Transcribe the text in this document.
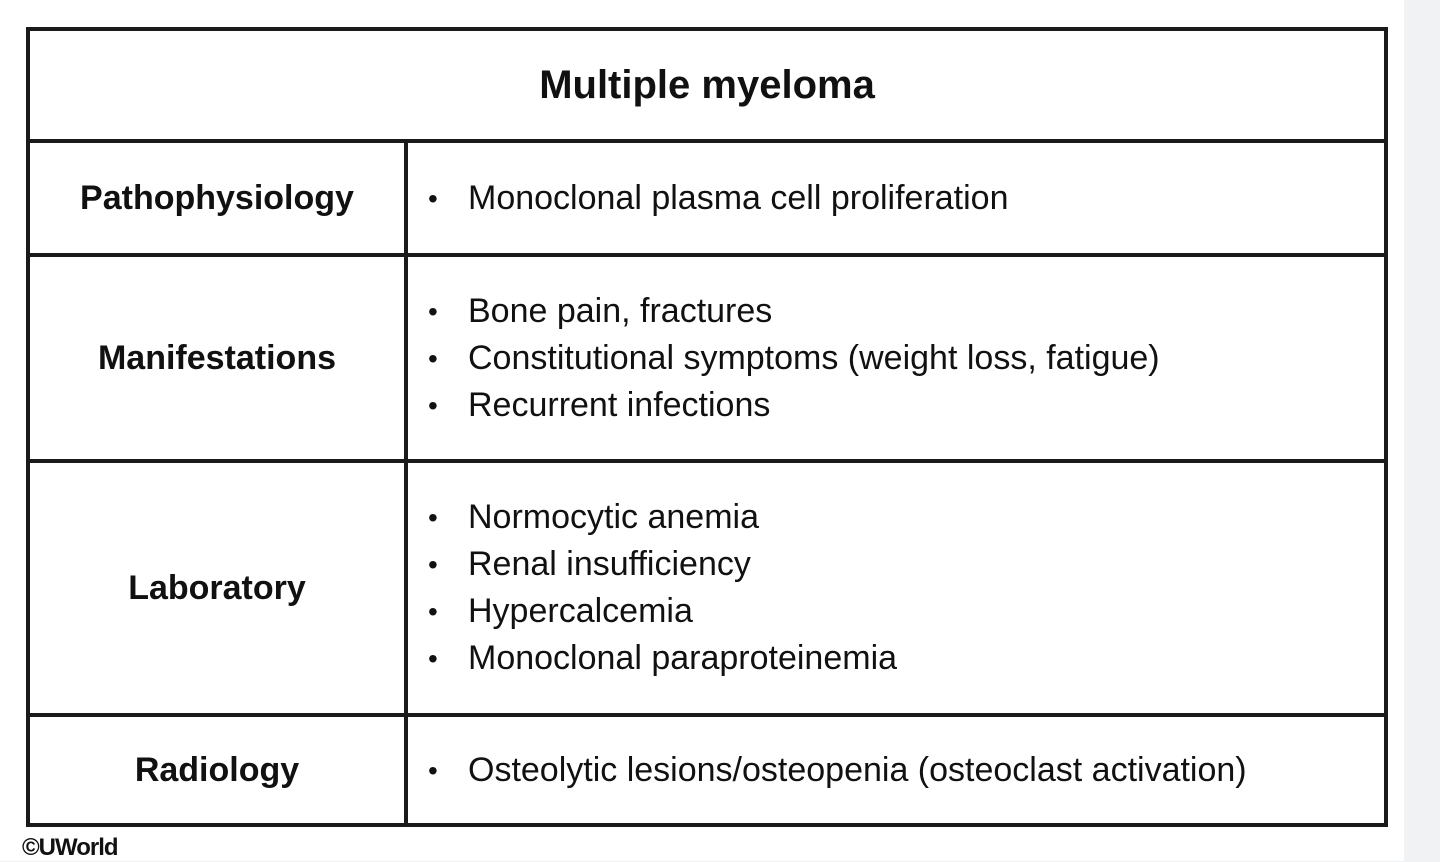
Multiple myeloma
Pathophysiology	• Monoclonal plasma cell proliferation
Manifestations
• Bone pain, fractures
• Constitutional symptoms (weight loss, fatigue)
• Recurrent infections
Laboratory
• Normocytic anemia
• Renal insufficiency
• Hypercalcemia
• Monoclonal paraproteinemia
Radiology	• Osteolytic lesions/osteopenia (osteoclast activation)
©UWorld
